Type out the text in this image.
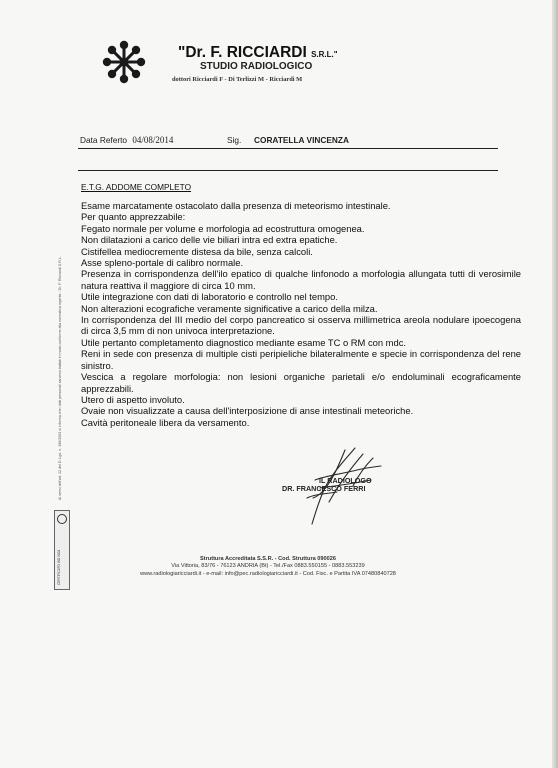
"Dr. F. RICCIARDI S.R.L."
STUDIO RADIOLOGICO
dottori Ricciardi F - Di Terlizzi M - Ricciardi M
Data Referto 04/08/2014	Sig. CORATELLA VINCENZA
E.T.G. ADDOME COMPLETO

Esame marcatamente ostacolato dalla presenza di meteorismo intestinale.

Per quanto apprezzabile:

Fegato normale per volume e morfologia ad ecostruttura omogenea.

Non dilatazioni a carico delle vie biliari intra ed extra epatiche.

Cistifellea mediocremente distesa da bile, senza calcoli.

Asse spleno-portale di calibro normale.

Presenza in corrispondenza dell'ilo epatico di qualche linfonodo a morfologia allungata tutti di verosimile natura reattiva il maggiore di circa 10 mm.

Utile integrazione con dati di laboratorio e controllo nel tempo.

Non alterazioni ecografiche veramente significative a carico della milza.

In corrispondenza del III medio del corpo pancreatico si osserva millimetrica areola nodulare ipoecogena di circa 3,5 mm di non univoca interpretazione.

Utile pertanto completamento diagnostico mediante esame TC o RM con mdc.

Reni in sede con presenza di multiple cisti peripieliche bilateralmente e specie in corrispondenza del rene sinistro.

Vescica a regolare morfologia: non lesioni organiche parietali e/o endoluminali ecograficamente apprezzabili.

Utero di aspetto involuto.

Ovaie non visualizzate a causa dell'interposizione di anse intestinali meteoriche.

Cavità peritoneale libera da versamento.

IL RADIOLOGO
DR. FRANCESCO FERRI
Ai sensi dell'art. 12 del D. Lgs. n. 196/2003 si informa che i dati personali saranno trattati in modo conforme alla normativa vigente - Dr. F. Ricciardi S.R.L.
CERTIFICATO ISO 9001	Struttura Accreditata S.S.R. - Cod. Struttura 090026
Via Vittoria, 83/76 - 76123 ANDRIA (Bt) - Tel./Fax 0883.550155 - 0883.553239
www.radiologiaricciardi.it - e-mail: info@pec.radiologiaricciardi.it - Cod. Fisc. e Partita IVA 07480840728
